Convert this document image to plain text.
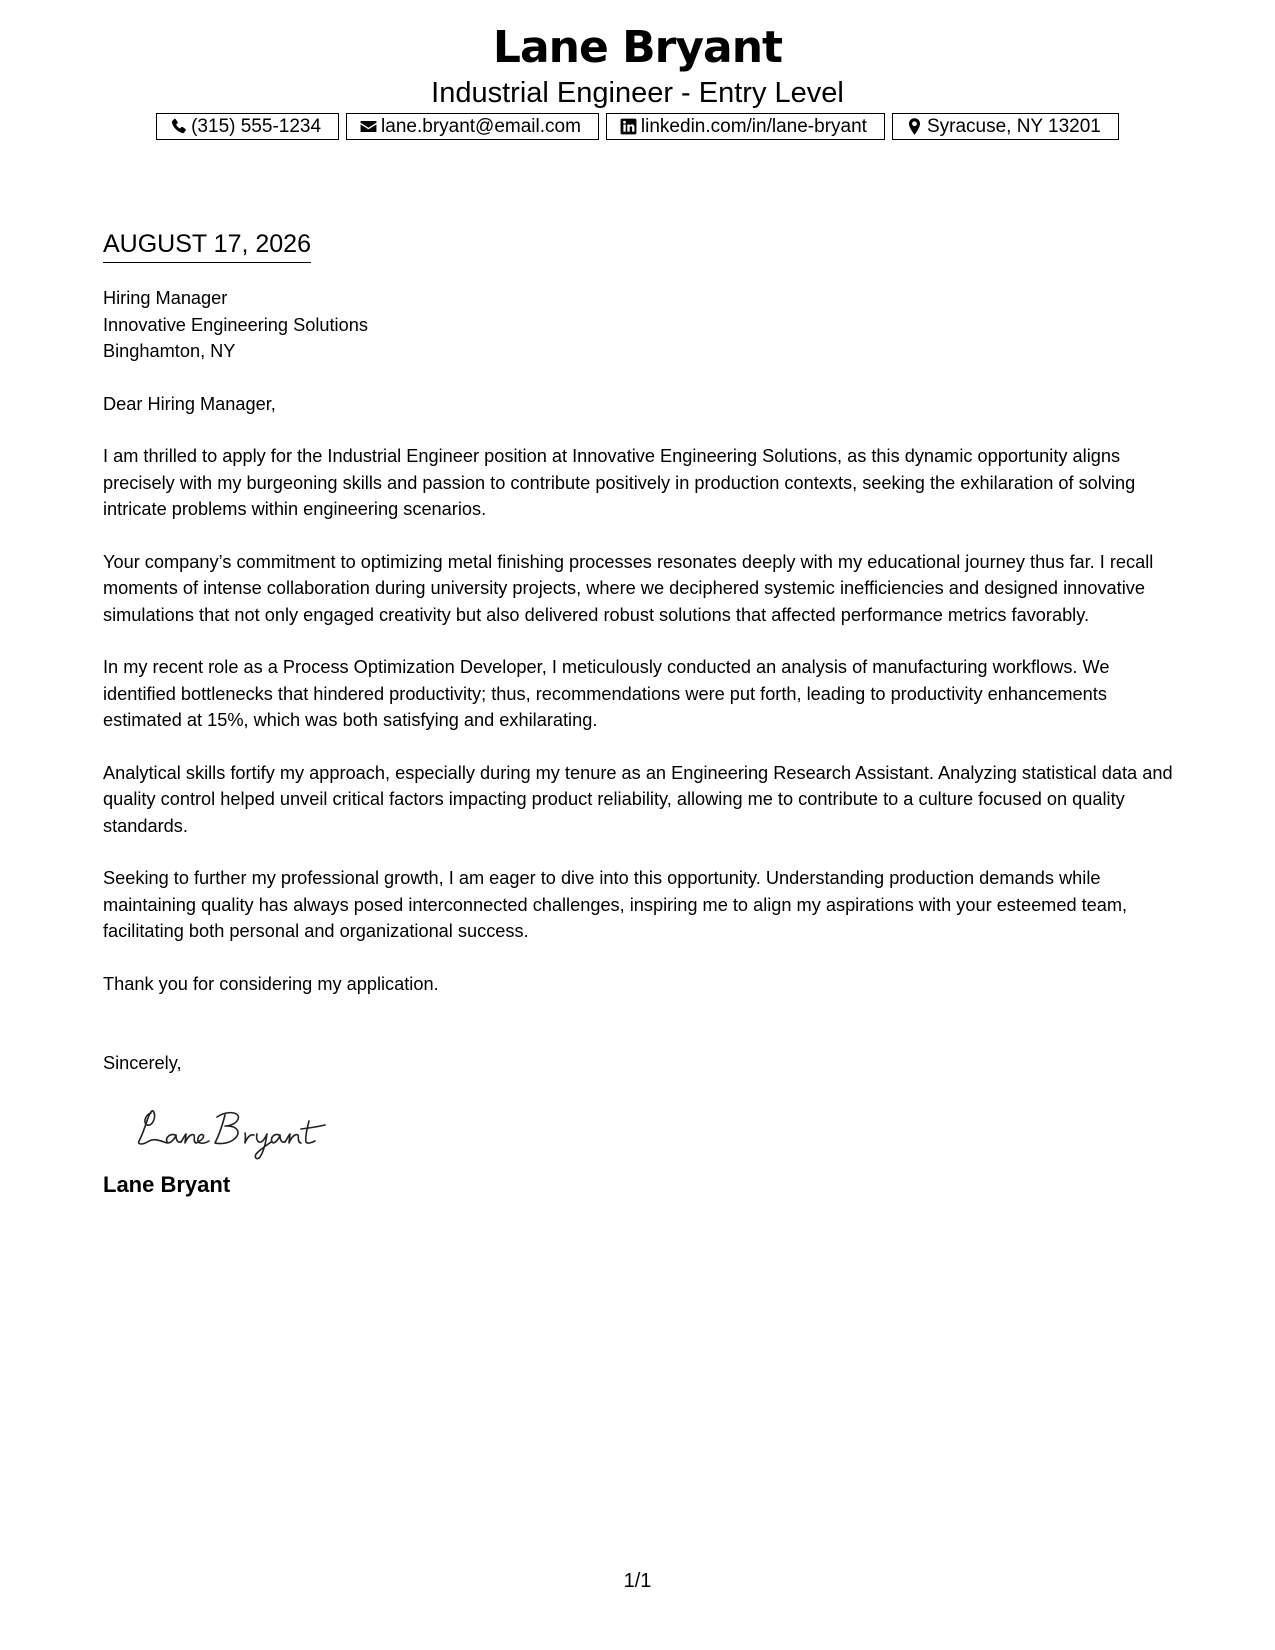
Lane Bryant
Industrial Engineer - Entry Level
(315) 555-1234	lane.bryant@email.com	linkedin.com/in/lane-bryant	Syracuse, NY 13201
AUGUST 17, 2026
Hiring Manager
Innovative Engineering Solutions
Binghamton, NY
Dear Hiring Manager,

I am thrilled to apply for the Industrial Engineer position at Innovative Engineering Solutions, as this dynamic opportunity aligns precisely with my burgeoning skills and passion to contribute positively in production contexts, seeking the exhilaration of solving intricate problems within engineering scenarios.

Your company’s commitment to optimizing metal finishing processes resonates deeply with my educational journey thus far. I recall moments of intense collaboration during university projects, where we deciphered systemic inefficiencies and designed innovative simulations that not only engaged creativity but also delivered robust solutions that affected performance metrics favorably.

In my recent role as a Process Optimization Developer, I meticulously conducted an analysis of manufacturing workflows. We identified bottlenecks that hindered productivity; thus, recommendations were put forth, leading to productivity enhancements estimated at 15%, which was both satisfying and exhilarating.

Analytical skills fortify my approach, especially during my tenure as an Engineering Research Assistant. Analyzing statistical data and quality control helped unveil critical factors impacting product reliability, allowing me to contribute to a culture focused on quality standards.

Seeking to further my professional growth, I am eager to dive into this opportunity. Understanding production demands while maintaining quality has always posed interconnected challenges, inspiring me to align my aspirations with your esteemed team, facilitating both personal and organizational success.

Thank you for considering my application.

Sincerely,
Lane Bryant
1/1
